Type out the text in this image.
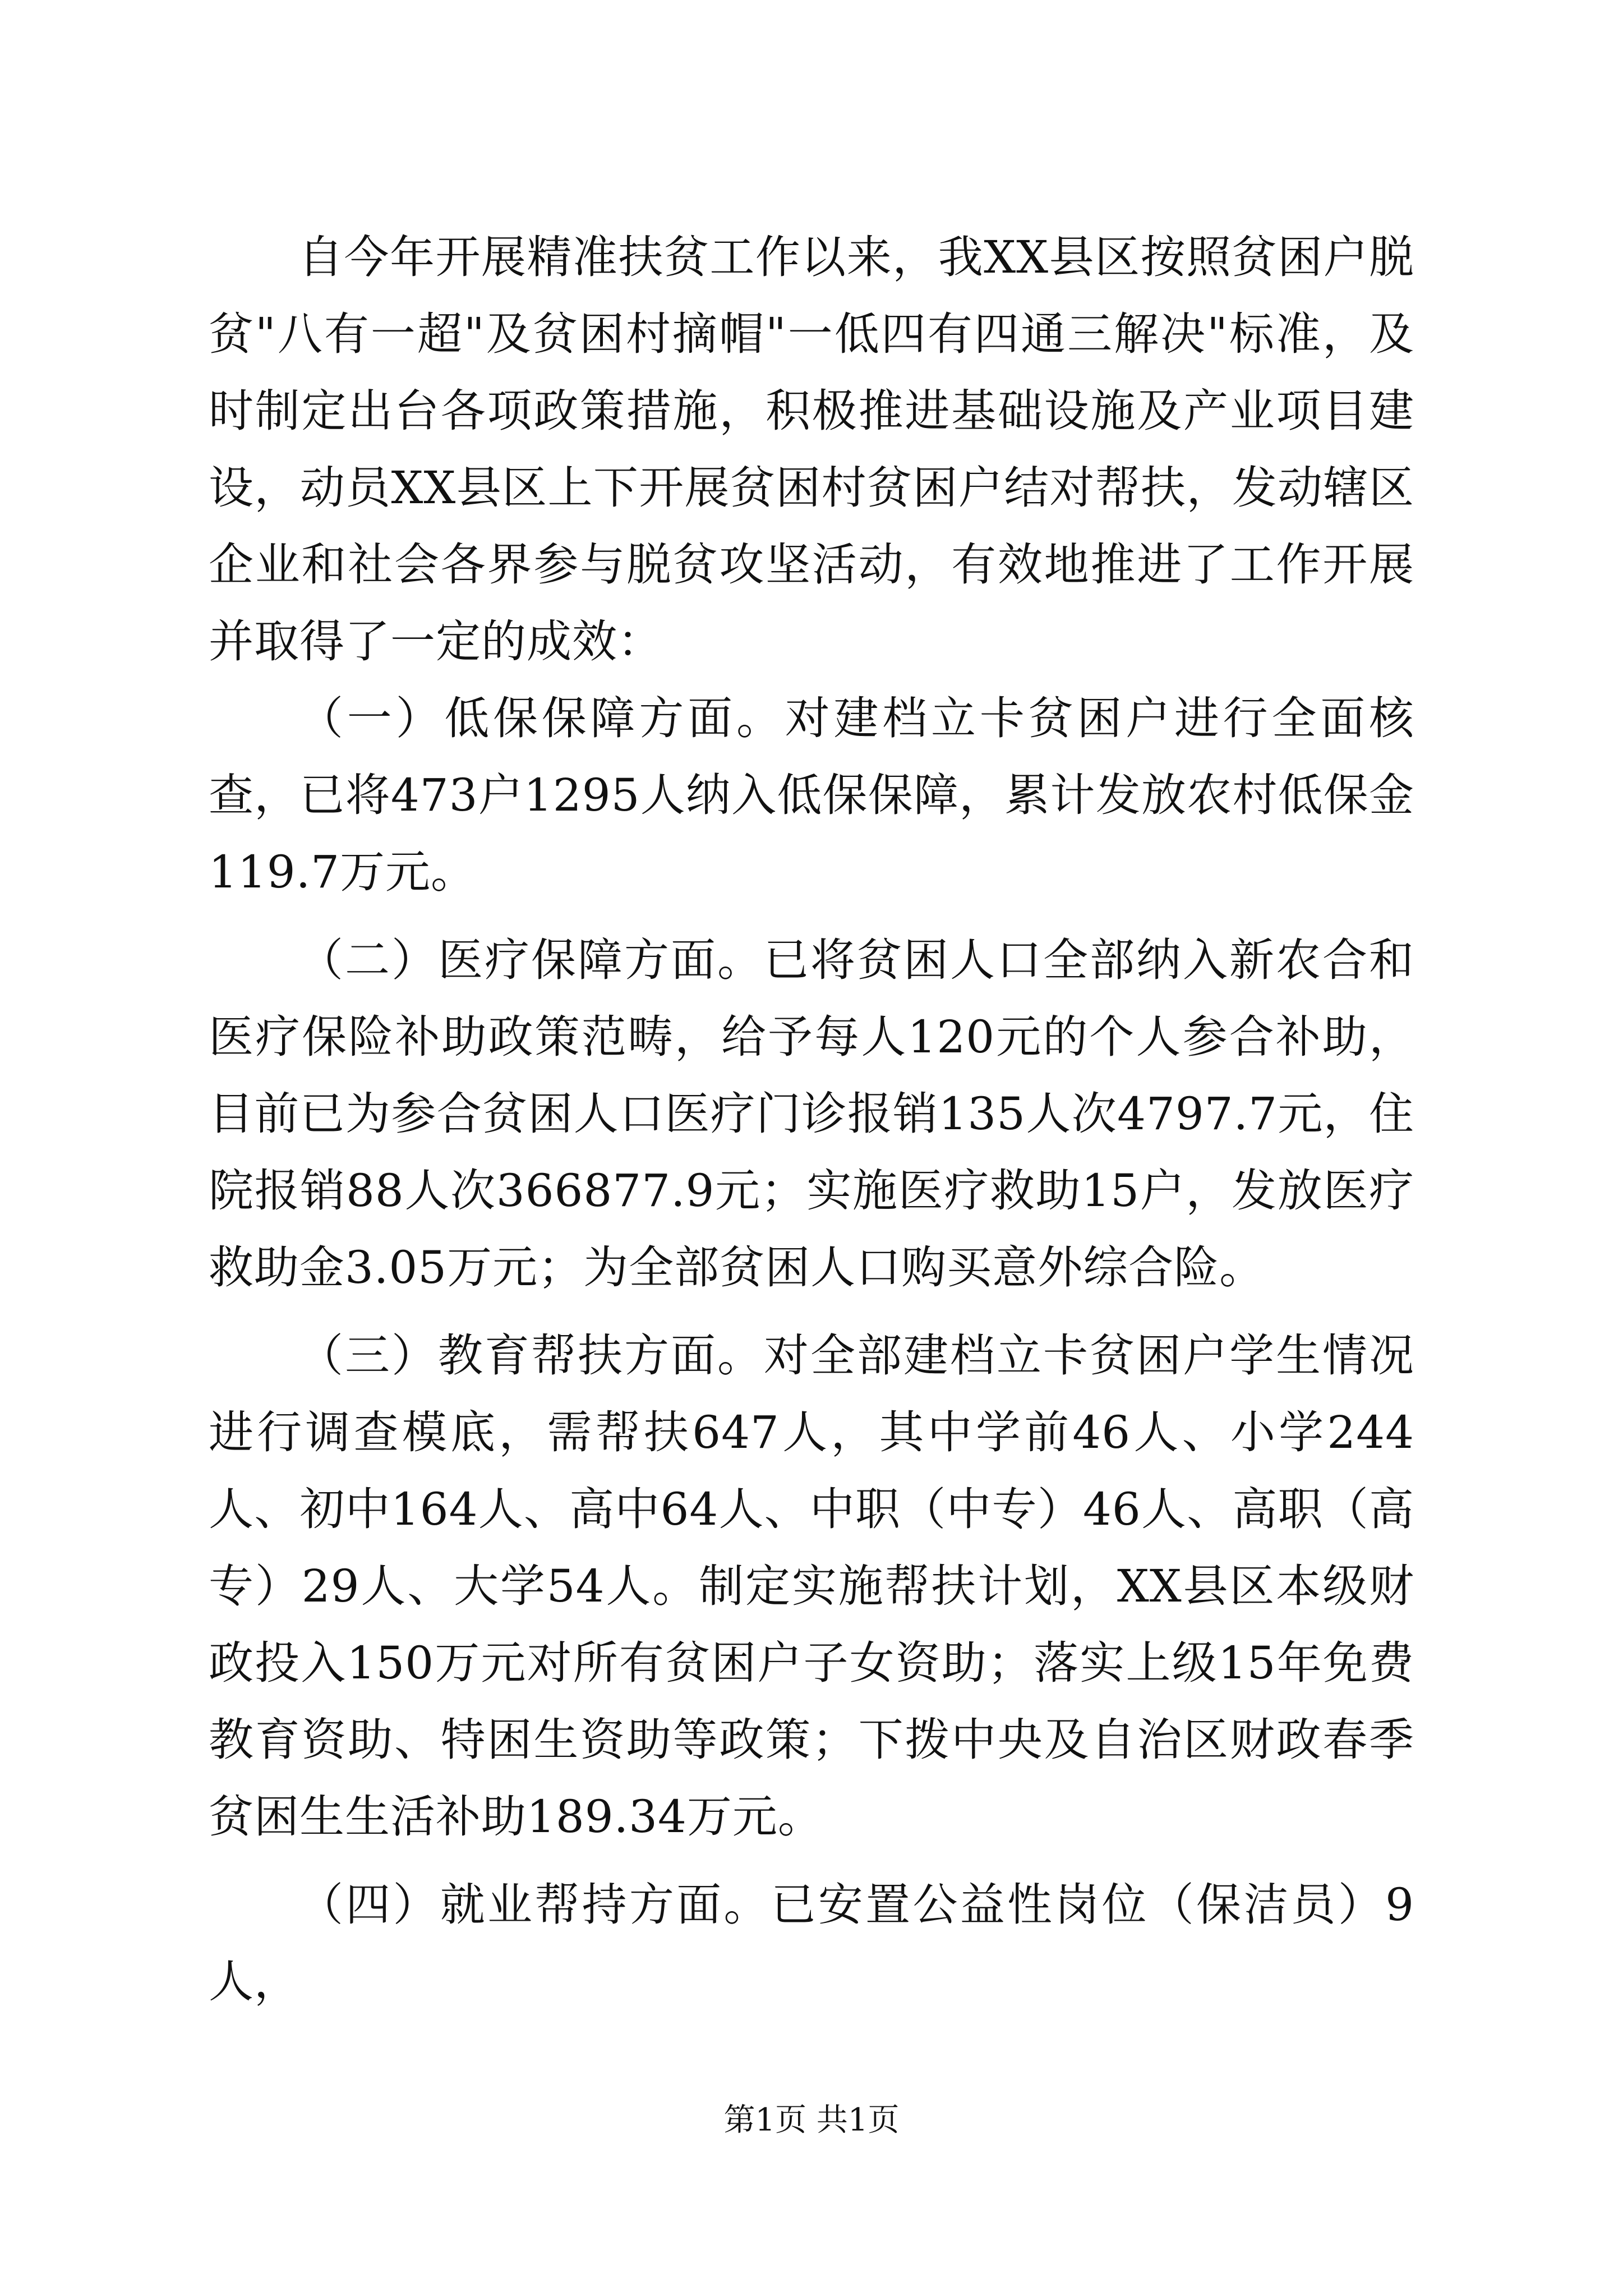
自今年开展精准扶贫工作以来，我XX县区按照贫困户脱贫"八有一超"及贫困村摘帽"一低四有四通三解决"标准，及时制定出台各项政策措施，积极推进基础设施及产业项目建设，动员XX县区上下开展贫困村贫困户结对帮扶，发动辖区企业和社会各界参与脱贫攻坚活动，有效地推进了工作开展并取得了一定的成效：

（一）低保保障方面。对建档立卡贫困户进行全面核查，已将473户1295人纳入低保保障，累计发放农村低保金119.7万元。

（二）医疗保障方面。已将贫困人口全部纳入新农合和医疗保险补助政策范畴，给予每人120元的个人参合补助，目前已为参合贫困人口医疗门诊报销135人次4797.7元，住院报销88人次366877.9元；实施医疗救助15户，发放医疗救助金3.05万元；为全部贫困人口购买意外综合险。

（三）教育帮扶方面。对全部建档立卡贫困户学生情况进行调查模底，需帮扶647人，其中学前46人、小学244人、初中164人、高中64人、中职（中专）46人、高职（高专）29人、大学54人。制定实施帮扶计划，XX县区本级财政投入150万元对所有贫困户子女资助；落实上级15年免费教育资助、特困生资助等政策；下拨中央及自治区财政春季贫困生生活补助189.34万元。

（四）就业帮持方面。已安置公益性岗位（保洁员）9人，

第1页 共1页
